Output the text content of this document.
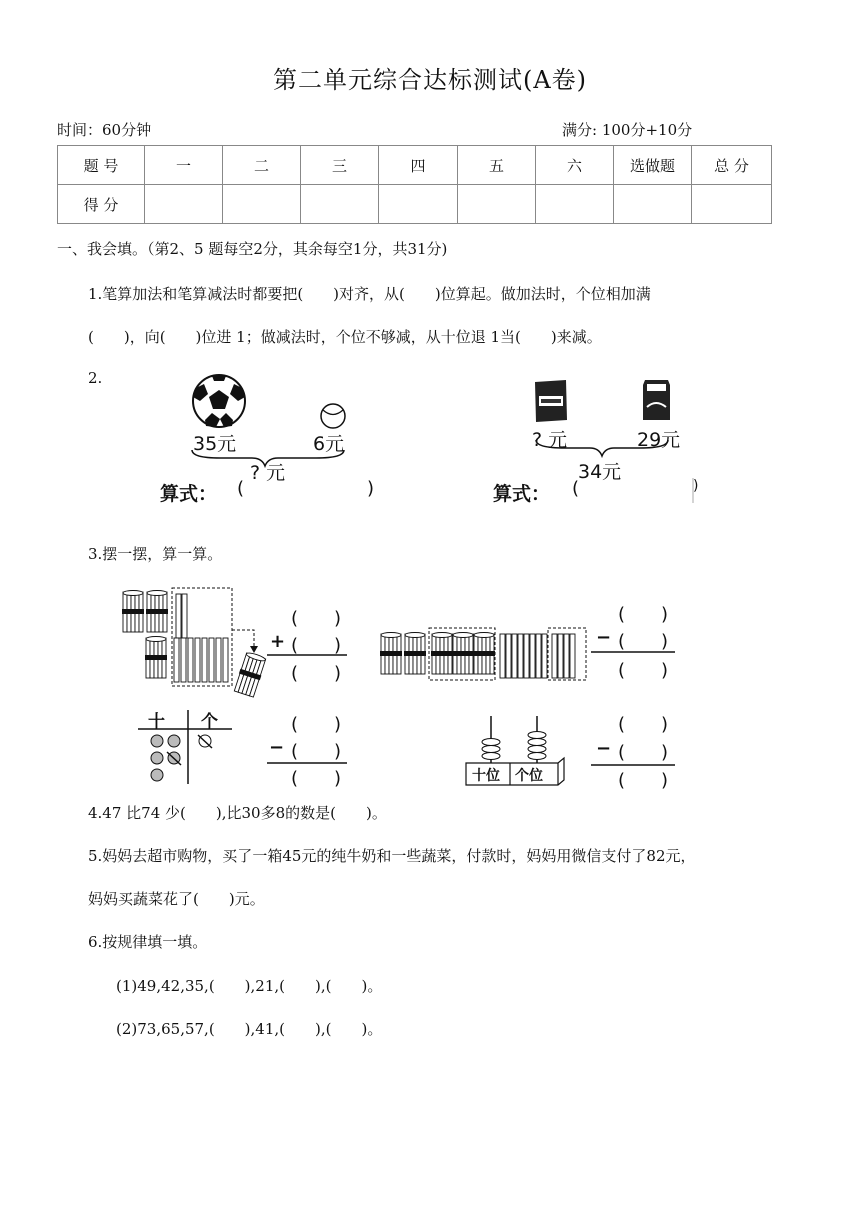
第二单元综合达标测试(A卷)
时间：60分钟	满分: 100分+10分
题 号	一	二	三	四	五	六	选做题	总 分
得 分								
一、我会填。（第2、5 题每空2分，其余每空1分，共31分)
1.笔算加法和笔算减法时都要把(　　)对齐，从(　　)位算起。做加法时，个位相加满
(　　)，向(　　)位进 1；做减法时，个位不够减，从十位退 1当(　　)来减。
2.
35元	6元
? 元
算式： (	)
? 元	29元
34元
算式： (	)
3.摆一摆，算一算。
(　　)
+ (　　)
(　　)
(　　)
− (　　)
(　　)
十 个	(　　)
− (　　)
(　　)	十位 个位
(　　)
− (　　)
(　　)
4.47 比74 少(　　),比30多8的数是(　　)。
5.妈妈去超市购物，买了一箱45元的纯牛奶和一些蔬菜，付款时，妈妈用微信支付了82元，
妈妈买蔬菜花了(　　)元。
6.按规律填一填。
(1)49,42,35,(　　),21,(　　),(　　)。
(2)73,65,57,(　　),41,(　　),(　　)。
